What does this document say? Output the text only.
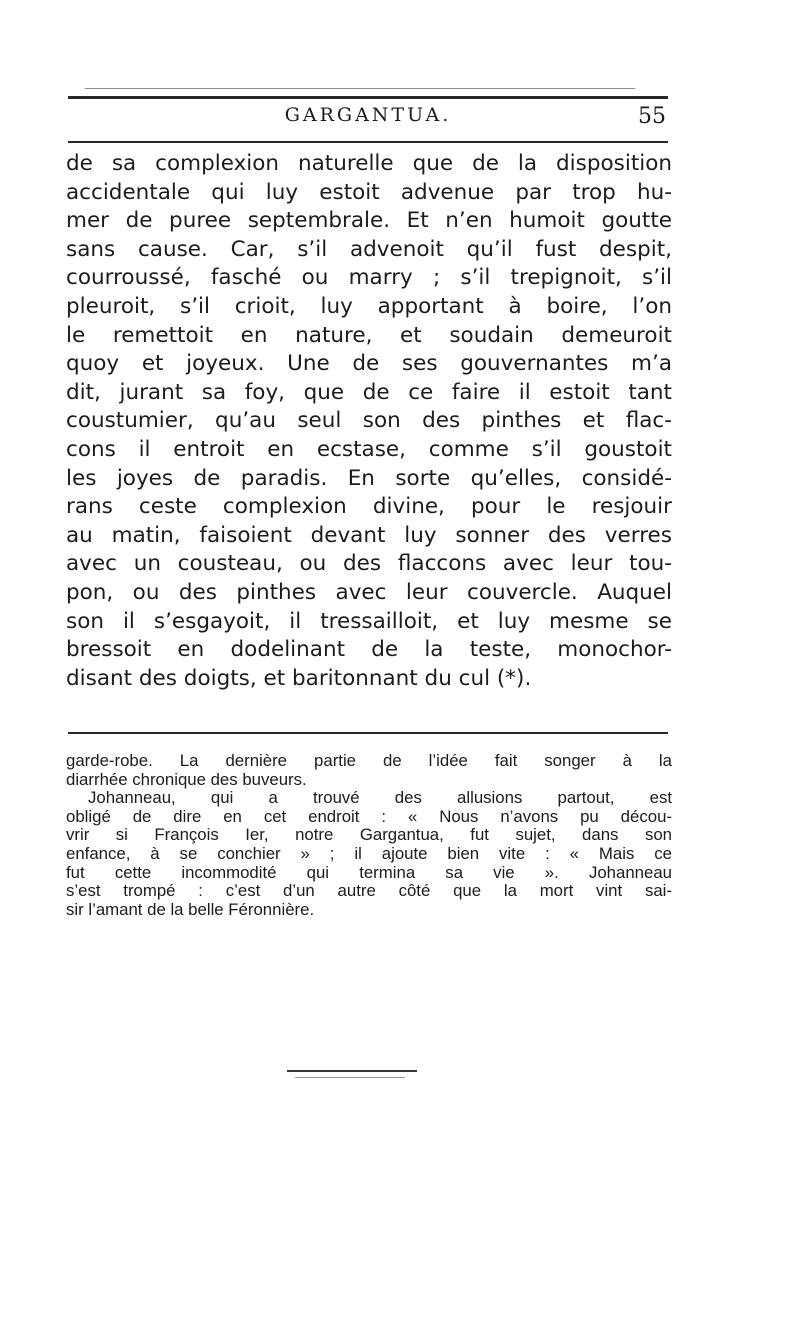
GARGANTUA.	55
de sa complexion naturelle que de la disposition
accidentale qui luy estoit advenue par trop hu-
mer de puree septembrale. Et n’en humoit goutte
sans cause. Car, s’il advenoit qu’il fust despit,
courroussé, fasché ou marry ; s’il trepignoit, s’il
pleuroit, s’il crioit, luy apportant à boire, l’on
le remettoit en nature, et soudain demeuroit
quoy et joyeux. Une de ses gouvernantes m’a
dit, jurant sa foy, que de ce faire il estoit tant
coustumier, qu’au seul son des pinthes et flac-
cons il entroit en ecstase, comme s’il goustoit
les joyes de paradis. En sorte qu’elles, considé-
rans ceste complexion divine, pour le resjouir
au matin, faisoient devant luy sonner des verres
avec un cousteau, ou des flaccons avec leur tou-
pon, ou des pinthes avec leur couvercle. Auquel
son il s’esgayoit, il tressailloit, et luy mesme se
bressoit en dodelinant de la teste, monochor-
disant des doigts, et baritonnant du cul (*).
garde-robe. La dernière partie de l’idée fait songer à la
diarrhée chronique des buveurs.
Johanneau, qui a trouvé des allusions partout, est
obligé de dire en cet endroit : « Nous n’avons pu décou-
vrir si François Ier, notre Gargantua, fut sujet, dans son
enfance, à se conchier » ; il ajoute bien vite : « Mais ce
fut cette incommodité qui termina sa vie ». Johanneau
s’est trompé : c’est d’un autre côté que la mort vint sai-
sir l’amant de la belle Féronnière.
